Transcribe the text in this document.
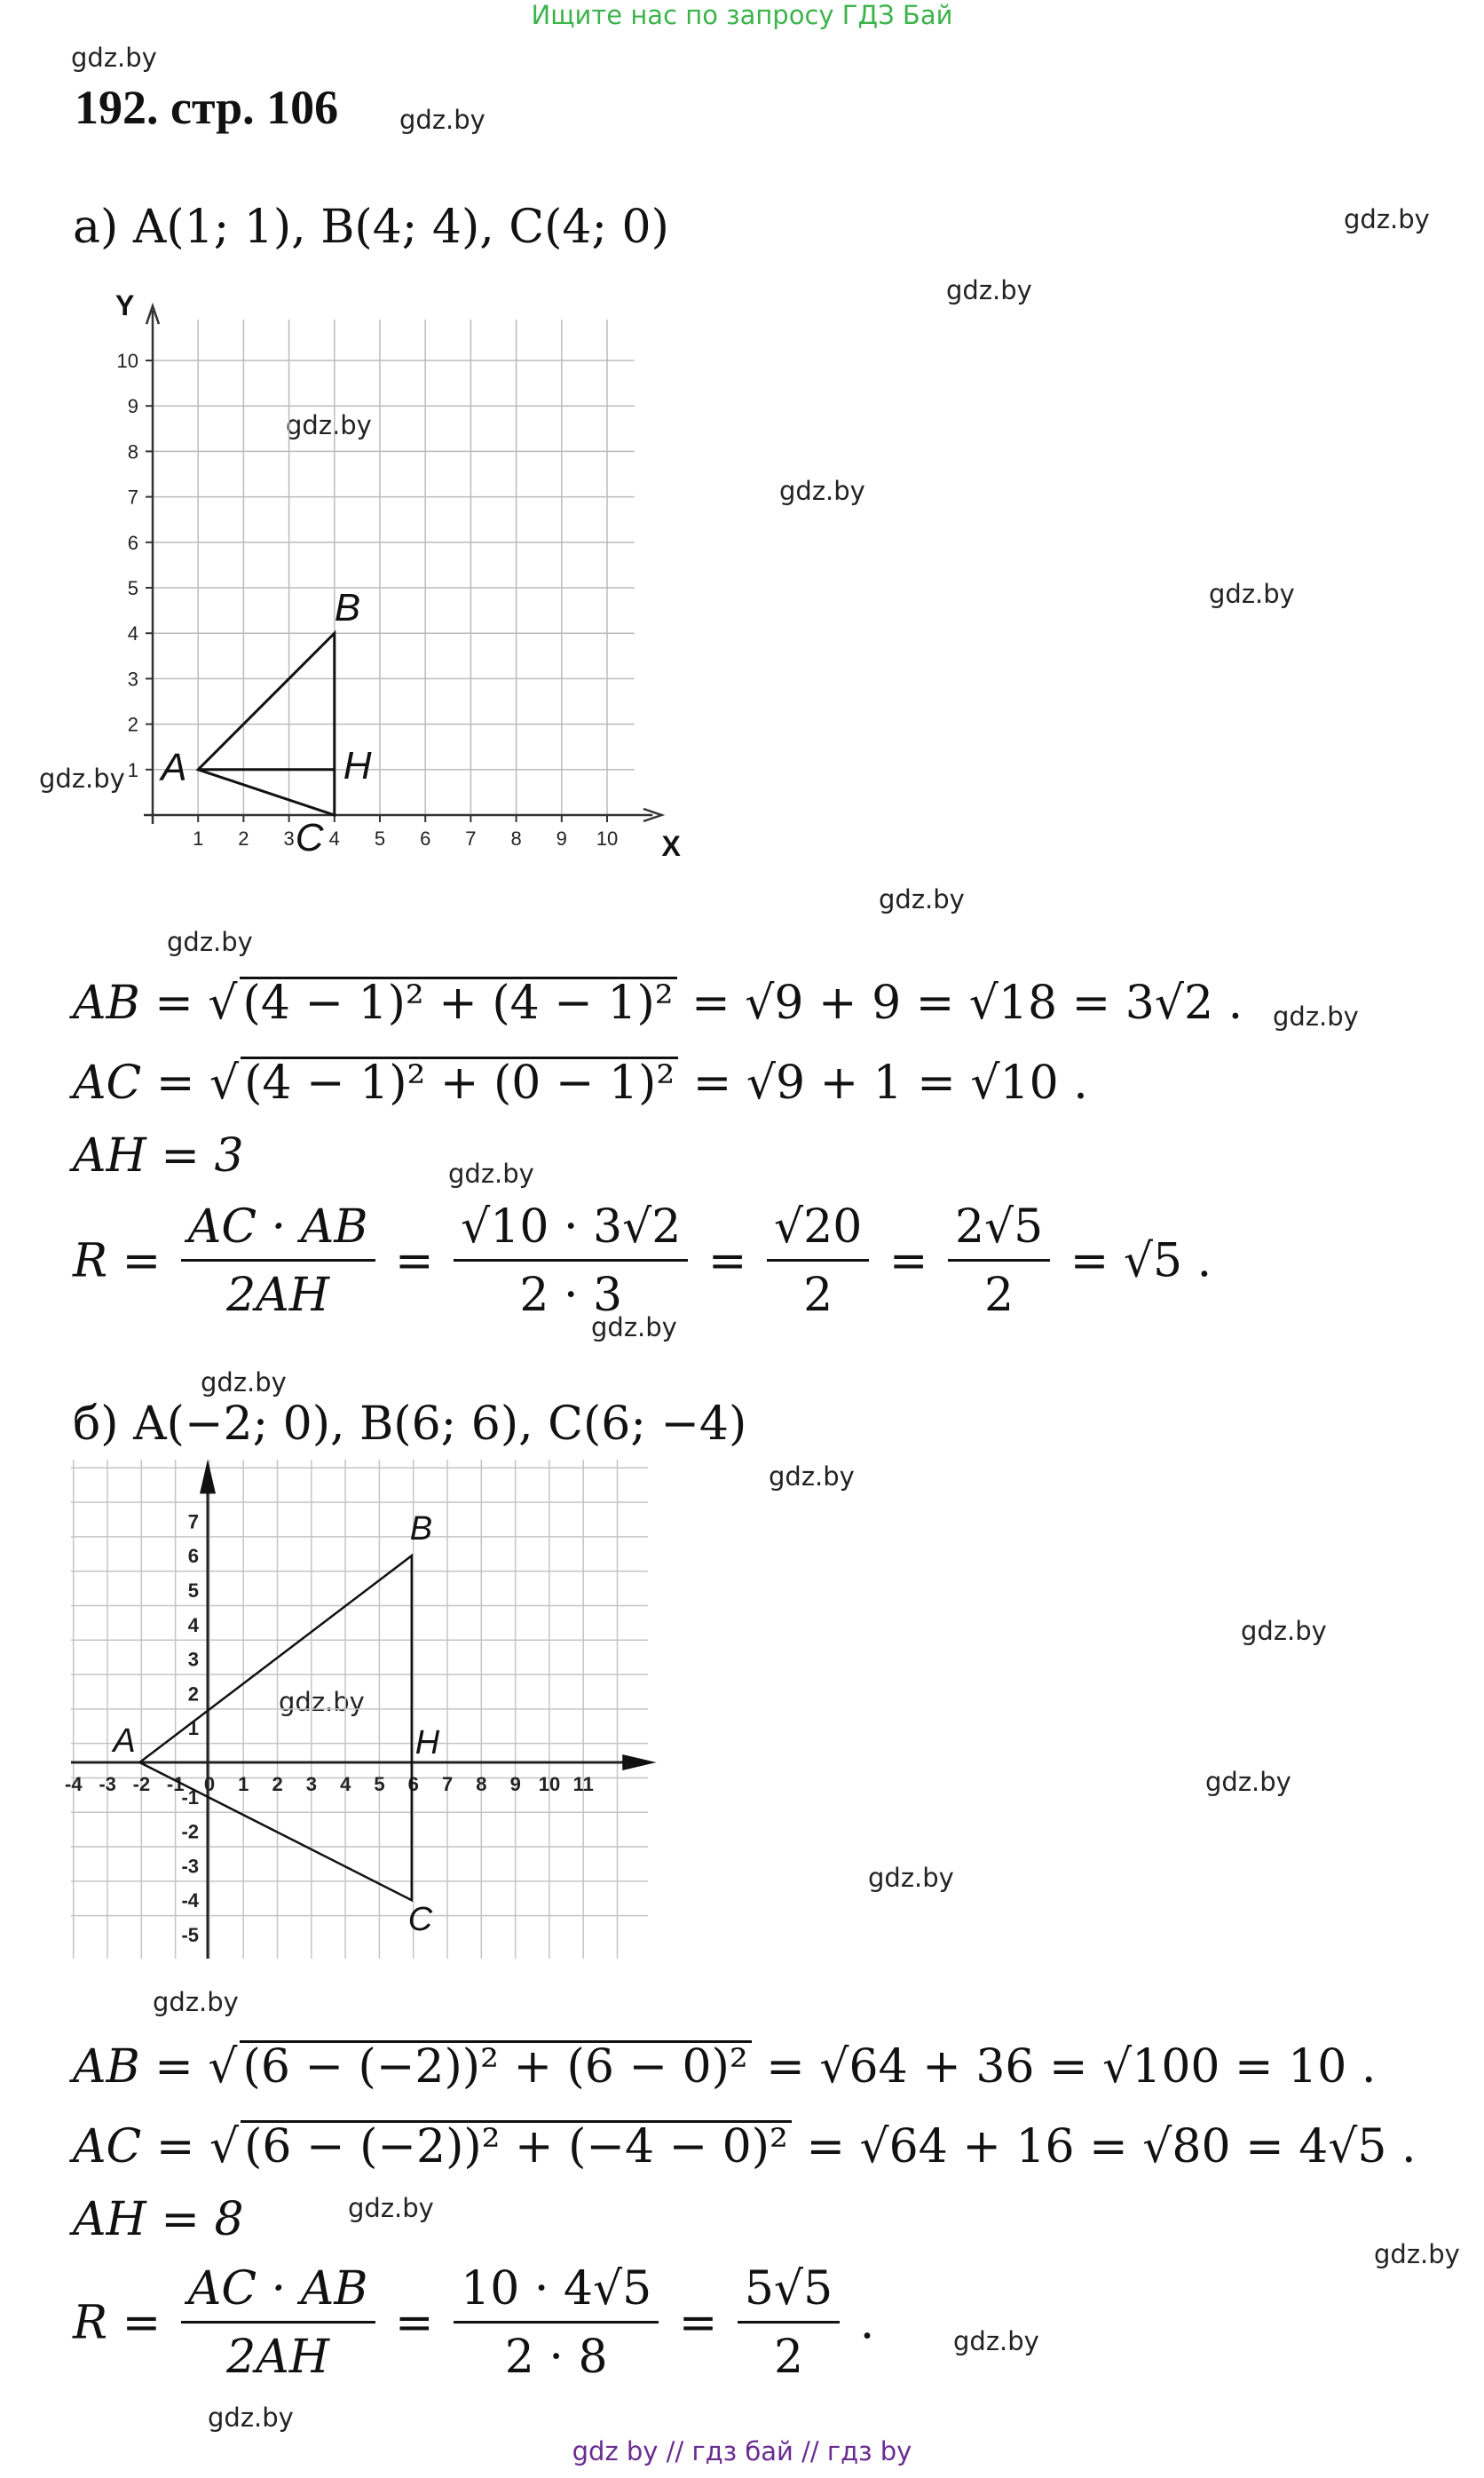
Ищите нас по запросу ГДЗ Бай
gdz by // гдз бай // гдз by
gdz.by
gdz.by
gdz.by
gdz.by
gdz.by
gdz.by
gdz.by
gdz.by
gdz.by
gdz.by
gdz.by
gdz.by
gdz.by
gdz.by
gdz.by
gdz.by
gdz.by
gdz.by
gdz.by
gdz.by
gdz.by
gdz.by
gdz.by
gdz.by
192. стр. 106
а) A(1; 1), B(4; 4), C(4; 0)
Y
X
1 2 3 4 5 6 7 8 9 10
1
2
3
4
5
6
7
8
9
10
A
B
C
H
AB = √ (4 − 1)² + (4 − 1)² = √9 + 9 = √18 = 3√2 .
AC = √ (4 − 1)² + (0 − 1)² = √9 + 1 = √10 .
AH = 3
$R = \frac{AC \cdot AB}{2AH} = \frac{√10 \cdot 3√2}{2 \cdot 3} = \frac{√20}{2} = \frac{2√5}{2} = √5$ .
б) A(−2; 0), B(6; 6), C(6; −4)
-4 -3 -2 -1 0 1 2 3 4 5 6 7 8 9 10 11
7
6
5
4
3
2
1
-1
-2
-3
-4
-5
A
B
C
H
AB = √ (6 − (−2))² + (6 − 0)² = √64 + 36 = √100 = 10 .
AC = √ (6 − (−2))² + (−4 − 0)² = √64 + 16 = √80 = 4√5 .
AH = 8
$R = \frac{AC \cdot AB}{2AH} = \frac{10 \cdot 4√5}{2 \cdot 8} = \frac{5√5}{2}$ .
